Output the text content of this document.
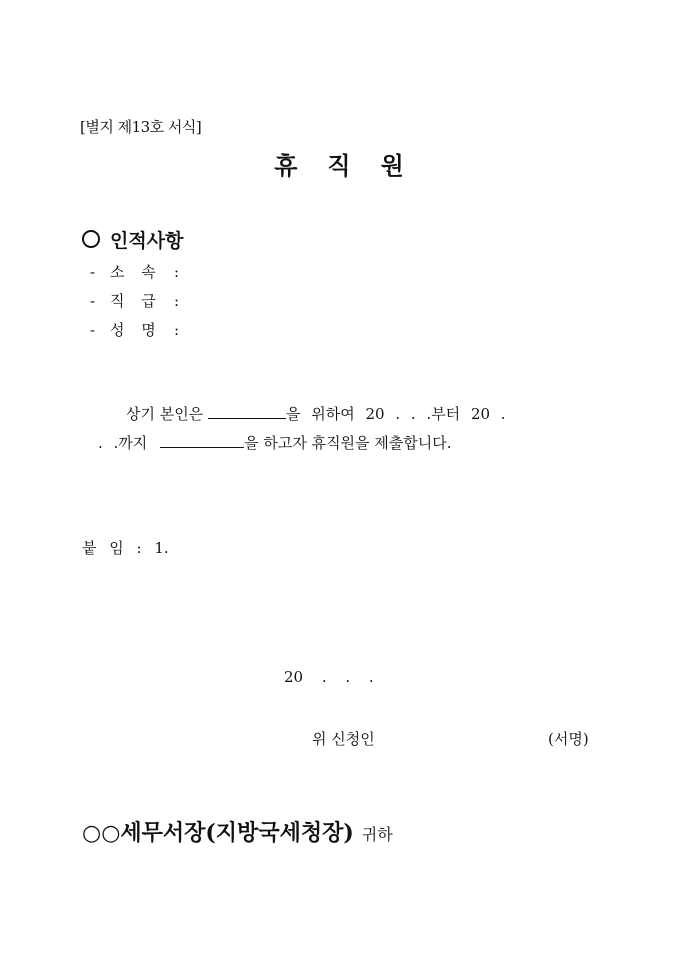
[별지 제13호 서식]
휴 직 원
인적사항
- 소 속 :
- 직 급 :
- 성 명 :
상기 본인은	을 위하여 20 . . .부터 20 .
. .까지	을 하고자 휴직원을 제출합니다.
붙 임 : 1.
20 . . .
위 신청인	(서명)
○○세무서장(지방국세청장) 귀하
